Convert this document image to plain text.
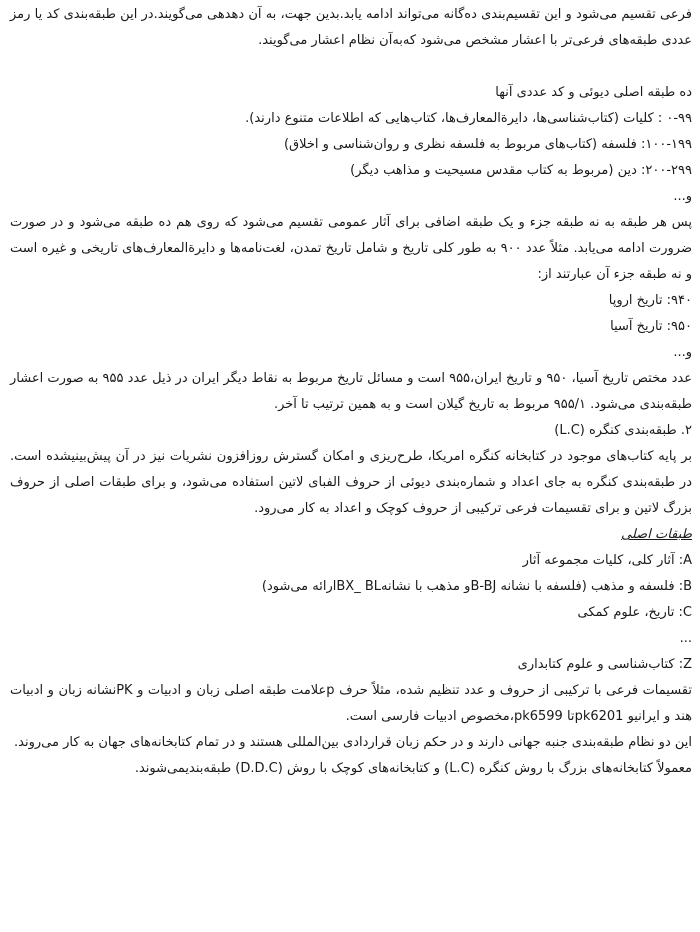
فرعی تقسیم می‌شود و این تقسیم‌بندی ده‌گانه می‌تواند ادامه یابد.بدین جهت، به آن دهدهی می‌گویند.در این طبقه‌بندی کد یا رمز عددی طبقه‌های فرعی‌تر با اعشار مشخص می‌شود که‌به‌آن نظام اعشار می‌گویند.

ده طبقه اصلی دیوئی و کد عددی آنها

۰-۹۹ : کلیات (کتاب‌شناسی‌ها، دایرة‌المعارف‌ها، کتاب‌هایی که اطلاعات متنوع دارند).

۱۰۰-۱۹۹: فلسفه (کتاب‌های مربوط به فلسفه نظری و روان‌شناسی و اخلاق)

۲۰۰-۲۹۹: دین (مربوط به کتاب مقدس مسیحیت و مذاهب دیگر)

و...

پس هر طبقه به نه طبقه جزء و یک طبقه اضافی برای آثار عمومی تقسیم می‌شود که روی هم ده طبقه می‌شود و در صورت ضرورت ادامه می‌یابد. مثلاً عدد ۹۰۰ به طور کلی تاریخ و شامل تاریخ تمدن، لغت‌نامه‌ها و دایرة‌المعارف‌های تاریخی و غیره است و نه طبقه جزء آن عبارتند از:

۹۴۰: تاریخ اروپا

۹۵۰: تاریخ آسیا

و...

عدد مختص تاریخ آسیا، ۹۵۰ و تاریخ ایران،۹۵۵ است و مسائل تاریخ مربوط به نقاط دیگر ایران در ذیل عدد ۹۵۵ به صورت اعشار طبقه‌بندی می‌شود. ۹۵۵/۱ مربوط به تاریخ گیلان است و به همین ترتیب تا آخر.

۲. طبقه‌بندی کنگره (L.C)

بر پایه کتاب‌های موجود در کتابخانه کنگره امریکا، طرح‌ریزی و امکان گسترش روزافزون نشریات نیز در آن پیش‌بینیشده است. در طبقه‌بندی کنگره به جای اعداد و شماره‌بندی دیوئی از حروف الفبای لاتین استفاده می‌شود، و برای طبقات اصلی از حروف بزرگ لاتین و برای تقسیمات فرعی ترکیبی از حروف کوچک و اعداد به کار می‌رود.

طبقات اصلی

A: آثار کلی، کلیات مجموعه آثار

B: فلسفه و مذهب (فلسفه با نشانه B-BJو مذهب با نشانهBX_ BLارائه می‌شود)

C: تاریخ، علوم کمکی

...

Z: کتاب‌شناسی و علوم کتابداری

تقسیمات فرعی با ترکیبی از حروف و عدد تنظیم شده، مثلاً حرف pعلامت طبقه اصلی زبان و ادبیات و PKنشانه زبان و ادبیات هند و ایرانیو pk6201تا pk6599،مخصوص ادبیات فارسی است.

این دو نظام طبقه‌بندی جنبه جهانی دارند و در حکم زبان قراردادی بین‌المللی هستند و در تمام کتابخانه‌های جهان به کار می‌روند.

معمولاً کتابخانه‌های بزرگ با روش کنگره (L.C) و کتابخانه‌های کوچک با روش (D.D.C) طبقه‌بندیمی‌شوند.
